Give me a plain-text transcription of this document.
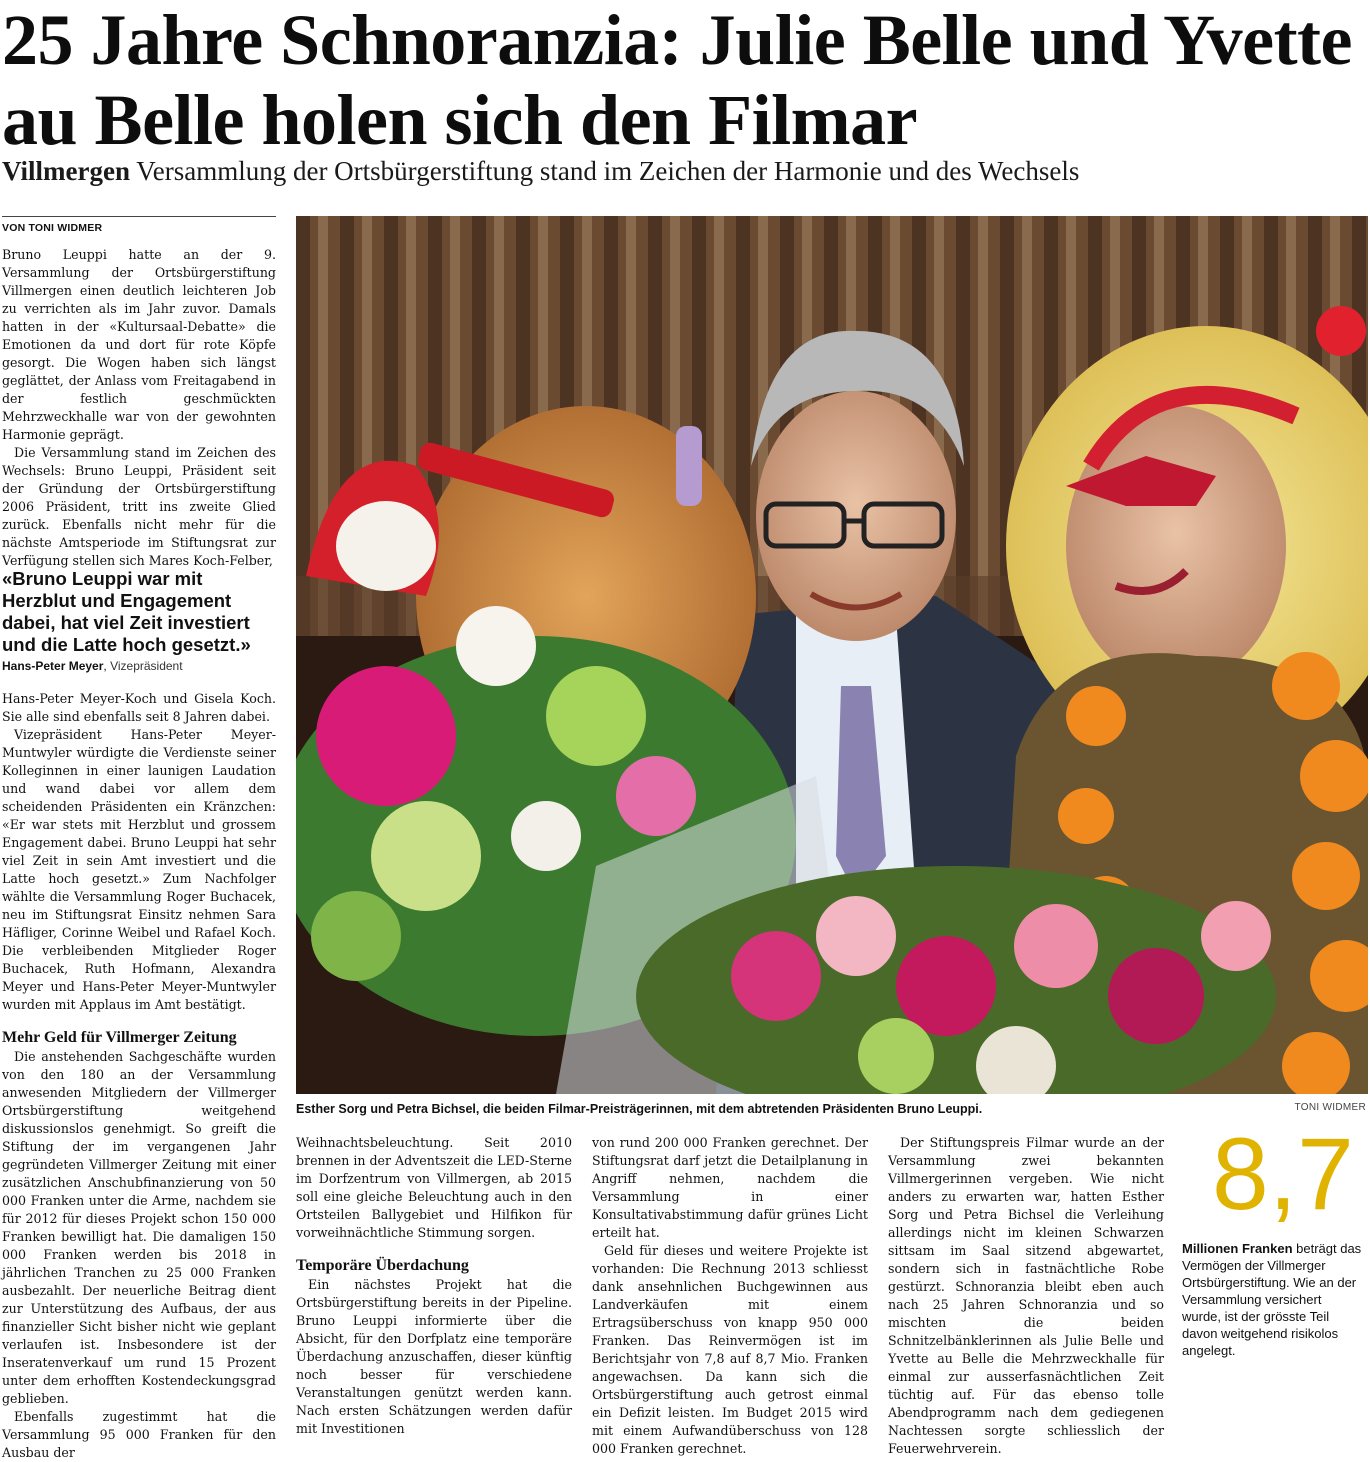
25 Jahre Schnoranzia: Julie Belle und Yvette au Belle holen sich den Filmar

Villmergen Versammlung der Ortsbürgerstiftung stand im Zeichen der Harmonie und des Wechsels

VON TONI WIDMER

Bruno Leuppi hatte an der 9. Versammlung der Ortsbürgerstiftung Villmergen einen deutlich leichteren Job zu verrichten als im Jahr zuvor. Damals hatten in der «Kultursaal-Debatte» die Emotionen da und dort für rote Köpfe gesorgt. Die Wogen haben sich längst geglättet, der Anlass vom Freitagabend in der festlich geschmückten Mehrzweckhalle war von der gewohnten Harmonie geprägt.

Die Versammlung stand im Zeichen des Wechsels: Bruno Leuppi, Präsident seit der Gründung der Ortsbürgerstiftung 2006 Präsident, tritt ins zweite Glied zurück. Ebenfalls nicht mehr für die nächste Amtsperiode im Stiftungsrat zur Verfügung stellen sich Mares Koch-Felber,

«Bruno Leuppi war mit Herzblut und Engagement dabei, hat viel Zeit investiert und die Latte hoch gesetzt.»
Hans-Peter Meyer, Vizepräsident

Hans-Peter Meyer-Koch und Gisela Koch. Sie alle sind ebenfalls seit 8 Jahren dabei.

Vizepräsident Hans-Peter Meyer-Muntwyler würdigte die Verdienste seiner Kolleginnen in einer launigen Laudation und wand dabei vor allem dem scheidenden Präsidenten ein Kränzchen: «Er war stets mit Herzblut und grossem Engagement dabei. Bruno Leuppi hat sehr viel Zeit in sein Amt investiert und die Latte hoch gesetzt.» Zum Nachfolger wählte die Versammlung Roger Buchacek, neu im Stiftungsrat Einsitz nehmen Sara Häfliger, Corinne Weibel und Rafael Koch. Die verbleibenden Mitglieder Roger Buchacek, Ruth Hofmann, Alexandra Meyer und Hans-Peter Meyer-Muntwyler wurden mit Applaus im Amt bestätigt.

Mehr Geld für Villmerger Zeitung

Die anstehenden Sachgeschäfte wurden von den 180 an der Versammlung anwesenden Mitgliedern der Villmerger Ortsbürgerstiftung weitgehend diskussionslos genehmigt. So greift die Stiftung der im vergangenen Jahr gegründeten Villmerger Zeitung mit einer zusätzlichen Anschubfinanzierung von 50 000 Franken unter die Arme, nachdem sie für 2012 für dieses Projekt schon 150 000 Franken bewilligt hat. Die damaligen 150 000 Franken werden bis 2018 in jährlichen Tranchen zu 25 000 Franken ausbezahlt. Der neuerliche Beitrag dient zur Unterstützung des Aufbaus, der aus finanzieller Sicht bisher nicht wie geplant verlaufen ist. Insbesondere ist der Inseratenverkauf um rund 15 Prozent unter dem erhofften Kostendeckungsgrad geblieben.

Ebenfalls zugestimmt hat die Versammlung 95 000 Franken für den Ausbau der

Esther Sorg und Petra Bichsel, die beiden Filmar-Preisträgerinnen, mit dem abtretenden Präsidenten Bruno Leuppi.	TONI WIDMER

Weihnachtsbeleuchtung. Seit 2010 brennen in der Adventszeit die LED-Sterne im Dorfzentrum von Villmergen, ab 2015 soll eine gleiche Beleuchtung auch in den Ortsteilen Ballygebiet und Hilfikon für vorweihnächtliche Stimmung sorgen.

Temporäre Überdachung

Ein nächstes Projekt hat die Ortsbürgerstiftung bereits in der Pipeline. Bruno Leuppi informierte über die Absicht, für den Dorfplatz eine temporäre Überdachung anzuschaffen, dieser künftig noch besser für verschiedene Veranstaltungen genützt werden kann. Nach ersten Schätzungen werden dafür mit Investitionen

von rund 200 000 Franken gerechnet. Der Stiftungsrat darf jetzt die Detailplanung in Angriff nehmen, nachdem die Versammlung in einer Konsultativabstimmung dafür grünes Licht erteilt hat.

Geld für dieses und weitere Projekte ist vorhanden: Die Rechnung 2013 schliesst dank ansehnlichen Buchgewinnen aus Landverkäufen mit einem Ertragsüberschuss von knapp 950 000 Franken. Das Reinvermögen ist im Berichtsjahr von 7,8 auf 8,7 Mio. Franken angewachsen. Da kann sich die Ortsbürgerstiftung auch getrost einmal ein Defizit leisten. Im Budget 2015 wird mit einem Aufwandüberschuss von 128 000 Franken gerechnet.

Der Stiftungspreis Filmar wurde an der Versammlung zwei bekannten Villmergerinnen vergeben. Wie nicht anders zu erwarten war, hatten Esther Sorg und Petra Bichsel die Verleihung allerdings nicht im kleinen Schwarzen sittsam im Saal sitzend abgewartet, sondern sich in fastnächtliche Robe gestürzt. Schnoranzia bleibt eben auch nach 25 Jahren Schnoranzia und so mischten die beiden Schnitzelbänklerinnen als Julie Belle und Yvette au Belle die Mehrzweckhalle für einmal zur ausserfasnächtlichen Zeit tüchtig auf. Für das ebenso tolle Abendprogramm nach dem gediegenen Nachtessen sorgte schliesslich der Feuerwehrverein.

8,7
Millionen Franken beträgt das Vermögen der Villmerger Ortsbürgerstiftung. Wie an der Versammlung versichert wurde, ist der grösste Teil davon weitgehend risikolos angelegt.
